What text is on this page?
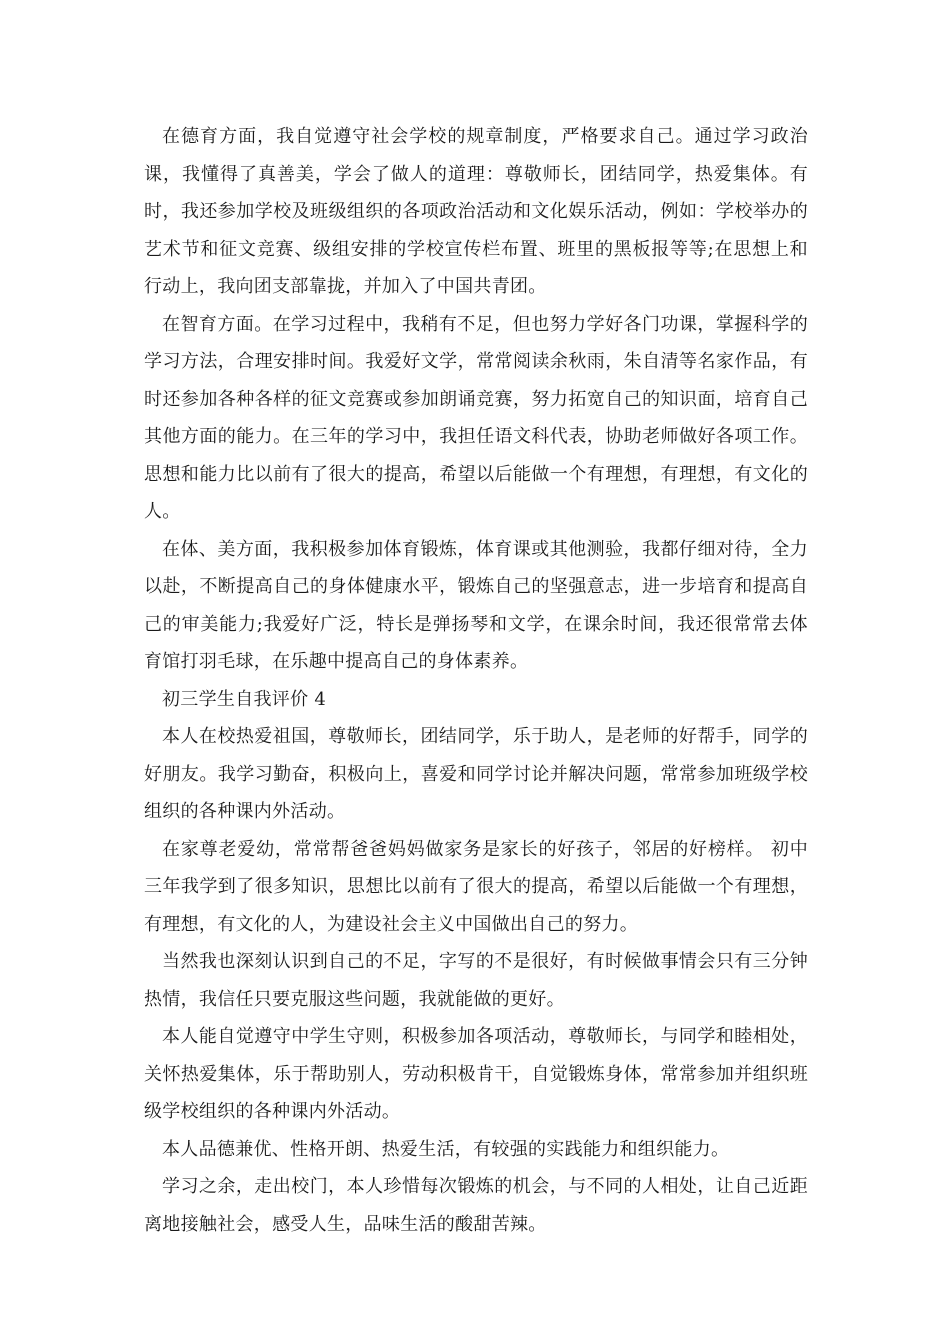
在德育方面，我自觉遵守社会学校的规章制度，严格要求自己。通过学习政治课，我懂得了真善美，学会了做人的道理：尊敬师长，团结同学，热爱集体。有时，我还参加学校及班级组织的各项政治活动和文化娱乐活动，例如：学校举办的艺术节和征文竞赛、级组安排的学校宣传栏布置、班里的黑板报等等;在思想上和行动上，我向团支部靠拢，并加入了中国共青团。

在智育方面。在学习过程中，我稍有不足，但也努力学好各门功课，掌握科学的学习方法，合理安排时间。我爱好文学，常常阅读余秋雨，朱自清等名家作品，有时还参加各种各样的征文竞赛或参加朗诵竞赛，努力拓宽自己的知识面，培育自己其他方面的能力。在三年的学习中，我担任语文科代表，协助老师做好各项工作。思想和能力比以前有了很大的提高，希望以后能做一个有理想，有理想，有文化的人。

在体、美方面，我积极参加体育锻炼，体育课或其他测验，我都仔细对待，全力以赴，不断提高自己的身体健康水平，锻炼自己的坚强意志，进一步培育和提高自己的审美能力;我爱好广泛，特长是弹扬琴和文学，在课余时间，我还很常常去体育馆打羽毛球，在乐趣中提高自己的身体素养。

初三学生自我评价 4

本人在校热爱祖国，尊敬师长，团结同学，乐于助人，是老师的好帮手，同学的好朋友。我学习勤奋，积极向上，喜爱和同学讨论并解决问题，常常参加班级学校组织的各种课内外活动。

在家尊老爱幼，常常帮爸爸妈妈做家务是家长的好孩子，邻居的好榜样。 初中三年我学到了很多知识，思想比以前有了很大的提高，希望以后能做一个有理想，有理想，有文化的人，为建设社会主义中国做出自己的努力。

当然我也深刻认识到自己的不足，字写的不是很好，有时候做事情会只有三分钟热情，我信任只要克服这些问题，我就能做的更好。

本人能自觉遵守中学生守则，积极参加各项活动，尊敬师长，与同学和睦相处，关怀热爱集体，乐于帮助别人，劳动积极肯干，自觉锻炼身体，常常参加并组织班级学校组织的各种课内外活动。

本人品德兼优、性格开朗、热爱生活，有较强的实践能力和组织能力。

学习之余，走出校门，本人珍惜每次锻炼的机会，与不同的人相处，让自己近距离地接触社会，感受人生，品味生活的酸甜苦辣。
